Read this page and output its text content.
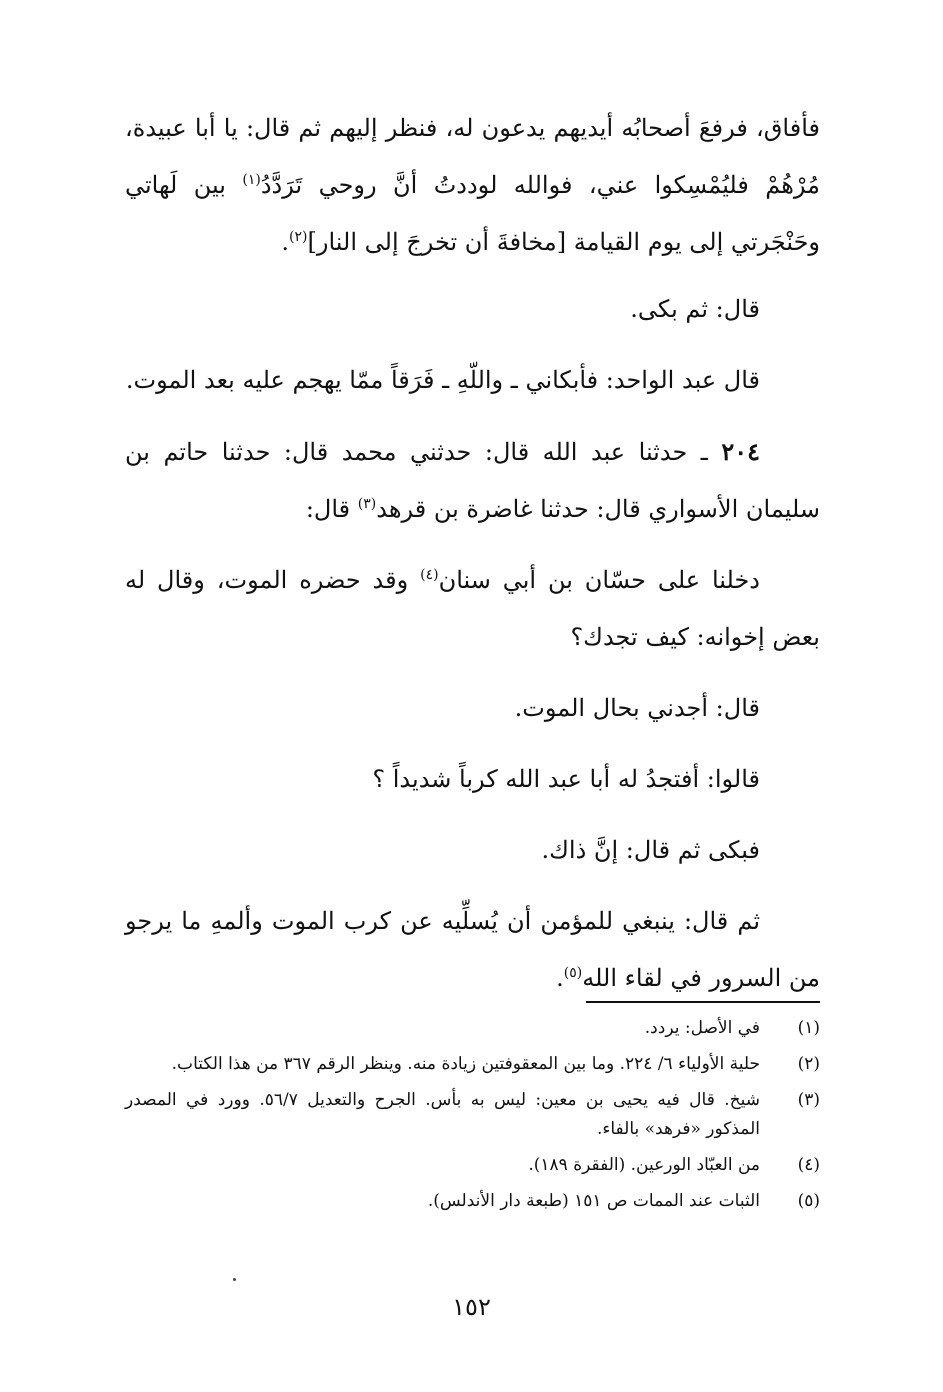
فأفاق، فرفعَ أصحابُه أيديهم يدعون له، فنظر إليهم ثم قال: يا أبا عبيدة، مُرْهُمْ فليُمْسِكوا عني، فوالله لوددتُ أنَّ روحي تَرَدَّدُ$^{(١)}$ بين لَهاتي وحَنْجَرتي إلى يوم القيامة [مخافةَ أن تخرجَ إلى النار]$^{(٢)}$.

قال: ثم بكى.

قال عبد الواحد: فأبكاني ـ واللّهِ ـ فَرَقاً ممّا يهجم عليه بعد الموت.

٢٠٤ ـ حدثنا عبد الله قال: حدثني محمد قال: حدثنا حاتم بن سليمان الأسواري قال: حدثنا غاضرة بن قرهد$^{(٣)}$ قال:

دخلنا على حسّان بن أبي سنان$^{(٤)}$ وقد حضره الموت، وقال له بعض إخوانه: كيف تجدك؟

قال: أجدني بحال الموت.

قالوا: أفتجدُ له أبا عبد الله كرباً شديداً ؟

فبكى ثم قال: إنَّ ذاك.

ثم قال: ينبغي للمؤمن أن يُسلِّيه عن كرب الموت وألمهِ ما يرجو من السرور في لقاء الله$^{(٥)}$.

(١)
في الأصل: يردد.
(٢)
حلية الأولياء ٦/ ٢٢٤. وما بين المعقوفتين زيادة منه. وينظر الرقم ٣٦٧ من هذا الكتاب.
(٣)
شيخ. قال فيه يحيى بن معين: ليس به بأس. الجرح والتعديل ٥٦/٧. وورد في المصدر المذكور «فرهد» بالفاء.
(٤)
من العبّاد الورعين. (الفقرة ١٨٩).
(٥)
الثبات عند الممات ص ١٥١ (طبعة دار الأندلس).
١٥٢
